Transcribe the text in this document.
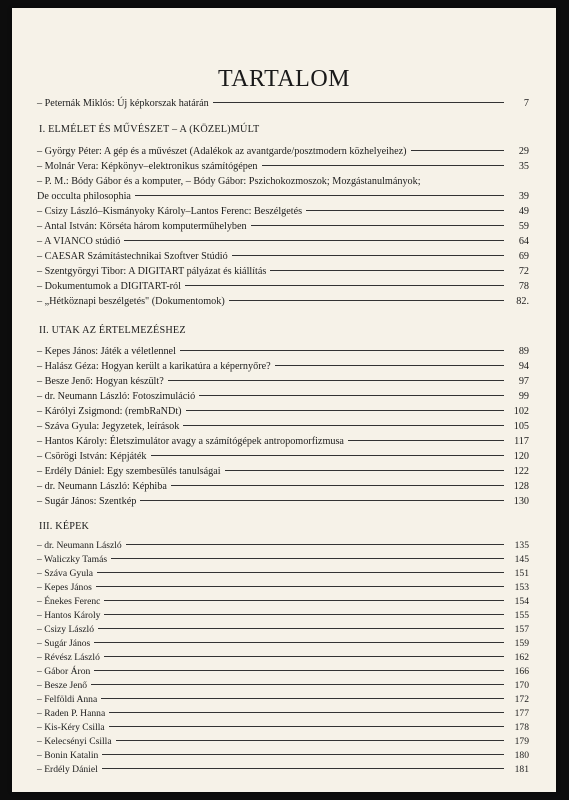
TARTALOM
– Peternák Miklós: Új képkorszak határán	7
I. ELMÉLET ÉS MŰVÉSZET – A (KÖZEL)MÚLT
– György Péter: A gép és a művészet (Adalékok az avantgarde/posztmodern közhelyeihez)	29
– Molnár Vera: Képkönyv–elektronikus számítógépen	35
– P. M.: Bódy Gábor és a komputer, – Bódy Gábor: Pszichokozmoszok; Mozgástanulmányok;
De occulta philosophia	39
– Csizy László–Kismányoky Károly–Lantos Ferenc: Beszélgetés	49
– Antal István: Körséta három komputerműhelyben	59
– A VIANCO stúdió	64
– CAESAR Számítástechnikai Szoftver Stúdió	69
– Szentgyörgyi Tibor: A DIGITART pályázat és kiállítás	72
– Dokumentumok a DIGITART-ról	78
– „Hétköznapi beszélgetés" (Dokumentomok)	82.
II. UTAK AZ ÉRTELMEZÉSHEZ
– Kepes János: Játék a véletlennel	89
– Halász Géza: Hogyan került a karikatúra a képernyőre?	94
– Besze Jenő: Hogyan készült?	97
– dr. Neumann László: Fotoszimuláció	99
– Kárólyi Zsigmond: (rembRaNDt)	102
– Száva Gyula: Jegyzetek, leírások	105
– Hantos Károly: Életszimulátor avagy a számítógépek antropomorfizmusa	117
– Csörögi István: Képjáték	120
– Erdély Dániel: Egy szembesülés tanulságai	122
– dr. Neumann László: Képhiba	128
– Sugár János: Szentkép	130
III. KÉPEK
– dr. Neumann László	135
– Waliczky Tamás	145
– Száva Gyula	151
– Kepes János	153
– Énekes Ferenc	154
– Hantos Károly	155
– Csizy László	157
– Sugár János	159
– Révész László	162
– Gábor Áron	166
– Besze Jenő	170
– Felföldi Anna	172
– Raden P. Hanna	177
– Kis-Kéry Csilla	178
– Kelecsényi Csilla	179
– Bonin Katalin	180
– Erdély Dániel	181
